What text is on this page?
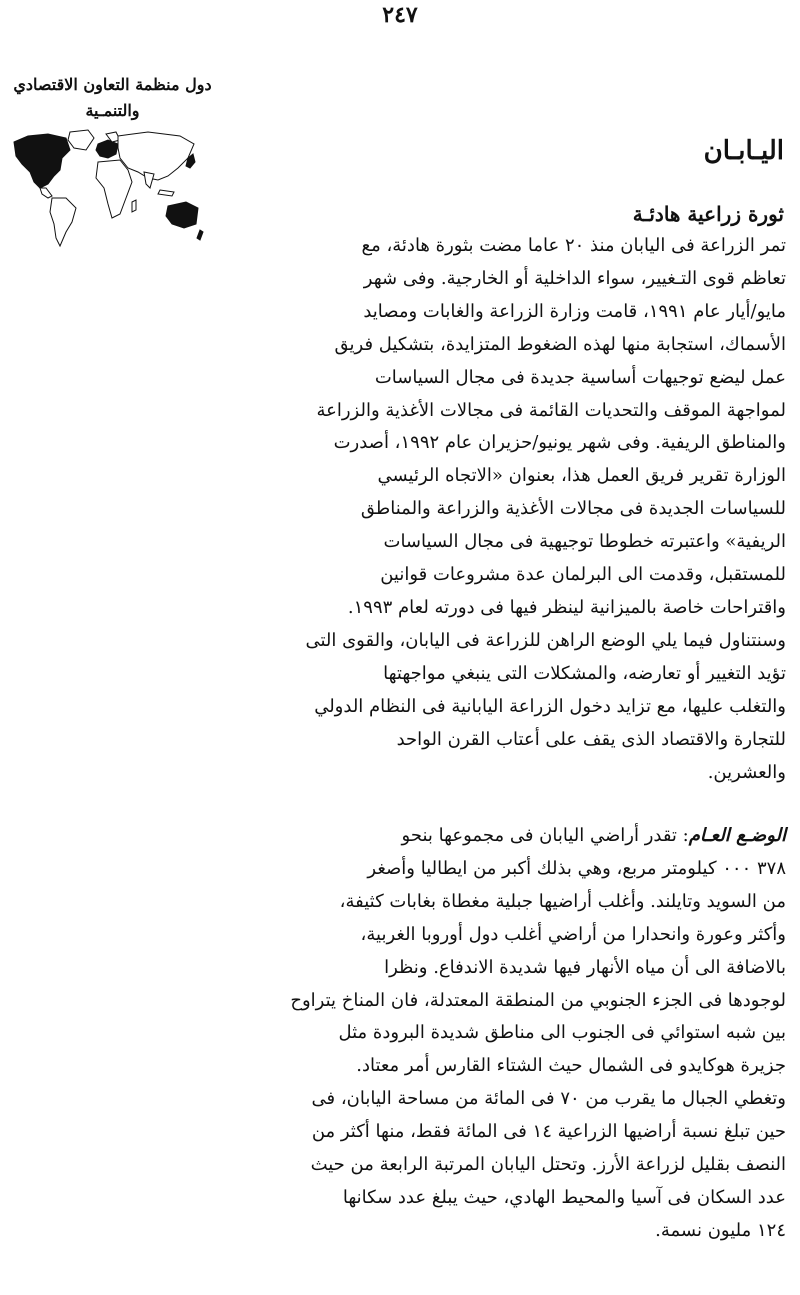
٢٤٧
دول منظمة التعاون الاقتصادي
والتنمـية
اليـابـان
ثورة زراعية هادئـة
تمر الزراعة فى اليابان منذ ٢٠ عاما مضت بثورة هادئة، مع
تعاظم قوى التـغيير، سواء الداخلية أو الخارجية. وفى شهر
مايو/أيار عام ١٩٩١، قامت وزارة الزراعة والغابات ومصايد
الأسماك، استجابة منها لهذه الضغوط المتزايدة، بتشكيل فريق
عمل ليضع توجيهات أساسية جديدة فى مجال السياسات
لمواجهة الموقف والتحديات القائمة فى مجالات الأغذية والزراعة
والمناطق الريفية. وفى شهر يونيو/حزيران عام ١٩٩٢، أصدرت
الوزارة تقرير فريق العمل هذا، بعنوان «الاتجاه الرئيسي
للسياسات الجديدة فى مجالات الأغذية والزراعة والمناطق
الريفية» واعتبرته خطوطا توجيهية فى مجال السياسات
للمستقبل، وقدمت الى البرلمان عدة مشروعات قوانين
واقتراحات خاصة بالميزانية لينظر فيها فى دورته لعام ١٩٩٣.
وسنتناول فيما يلي الوضع الراهن للزراعة فى اليابان، والقوى التى
تؤيد التغيير أو تعارضه، والمشكلات التى ينبغي مواجهتها
والتغلب عليها، مع تزايد دخول الزراعة اليابانية فى النظام الدولي
للتجارة والاقتصاد الذى يقف على أعتاب القرن الواحد
والعشرين.
الوضـع العـام: تقدر أراضي اليابان فى مجموعها بنحو
٣٧٨ ٠٠٠ كيلومتر مربع، وهي بذلك أكبر من ايطاليا وأصغر
من السويد وتايلند. وأغلب أراضيها جبلية مغطاة بغابات كثيفة،
وأكثر وعورة وانحدارا من أراضي أغلب دول أوروبا الغربية،
بالاضافة الى أن مياه الأنهار فيها شديدة الاندفاع. ونظرا
لوجودها فى الجزء الجنوبي من المنطقة المعتدلة، فان المناخ يتراوح
بين شبه استوائي فى الجنوب الى مناطق شديدة البرودة مثل
جزيرة هوكايدو فى الشمال حيث الشتاء القارس أمر معتاد.
وتغطي الجبال ما يقرب من ٧٠ فى المائة من مساحة اليابان، فى
حين تبلغ نسبة أراضيها الزراعية ١٤ فى المائة فقط، منها أكثر من
النصف بقليل لزراعة الأرز. وتحتل اليابان المرتبة الرابعة من حيث
عدد السكان فى آسيا والمحيط الهادي، حيث يبلغ عدد سكانها
١٢٤ مليون نسمة.
